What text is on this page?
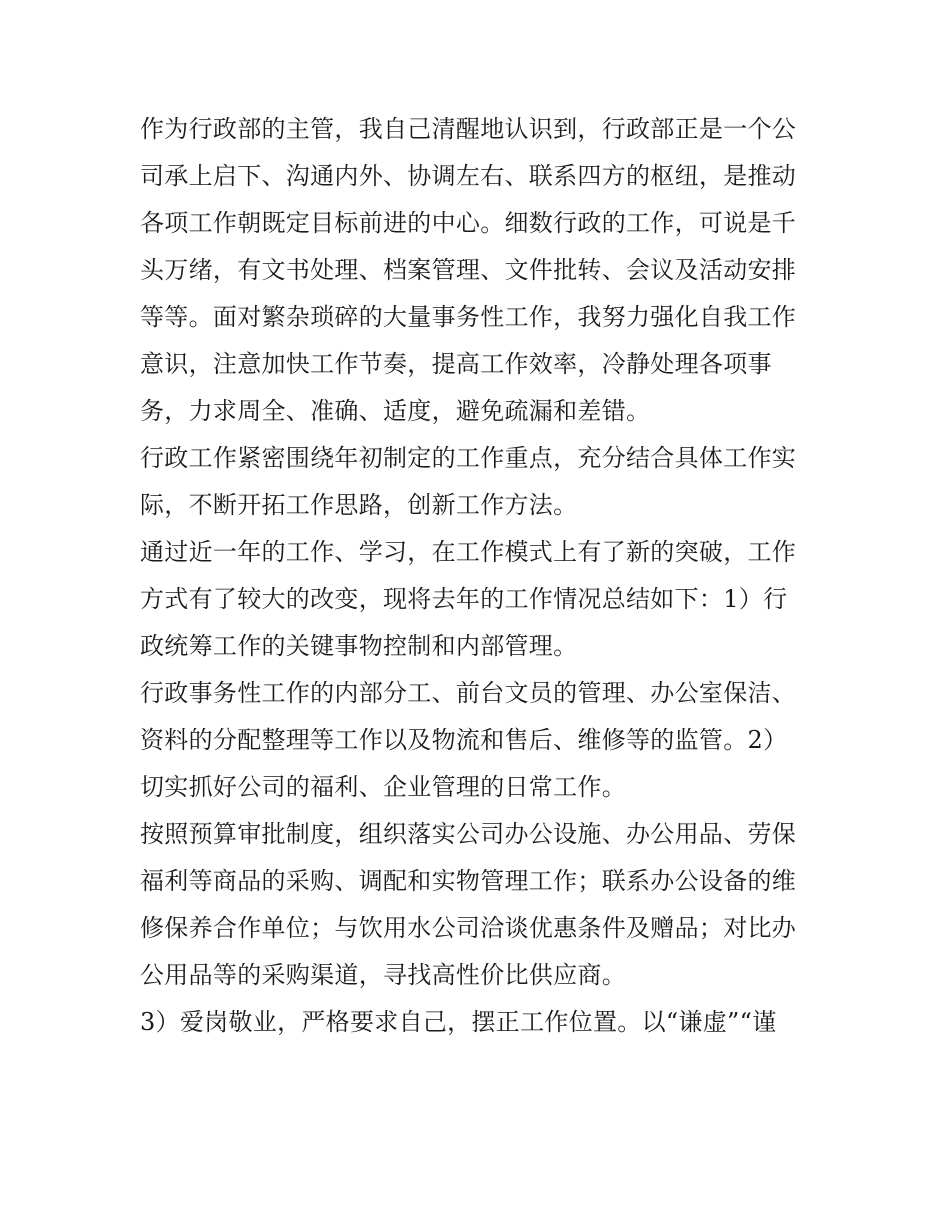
作为行政部的主管，我自己清醒地认识到，行政部正是一个公
司承上启下、沟通内外、协调左右、联系四方的枢纽，是推动
各项工作朝既定目标前进的中心。细数行政的工作，可说是千
头万绪，有文书处理、档案管理、文件批转、会议及活动安排
等等。面对繁杂琐碎的大量事务性工作，我努力强化自我工作
意识，注意加快工作节奏，提高工作效率，冷静处理各项事
务，力求周全、准确、适度，避免疏漏和差错。
行政工作紧密围绕年初制定的工作重点，充分结合具体工作实
际，不断开拓工作思路，创新工作方法。
通过近一年的工作、学习，在工作模式上有了新的突破，工作
方式有了较大的改变，现将去年的工作情况总结如下：1）行
政统筹工作的关键事物控制和内部管理。
行政事务性工作的内部分工、前台文员的管理、办公室保洁、
资料的分配整理等工作以及物流和售后、维修等的监管。2）
切实抓好公司的福利、企业管理的日常工作。
按照预算审批制度，组织落实公司办公设施、办公用品、劳保
福利等商品的采购、调配和实物管理工作；联系办公设备的维
修保养合作单位；与饮用水公司洽谈优惠条件及赠品；对比办
公用品等的采购渠道，寻找高性价比供应商。
3）爱岗敬业，严格要求自己，摆正工作位置。以“谦虚”“谨
